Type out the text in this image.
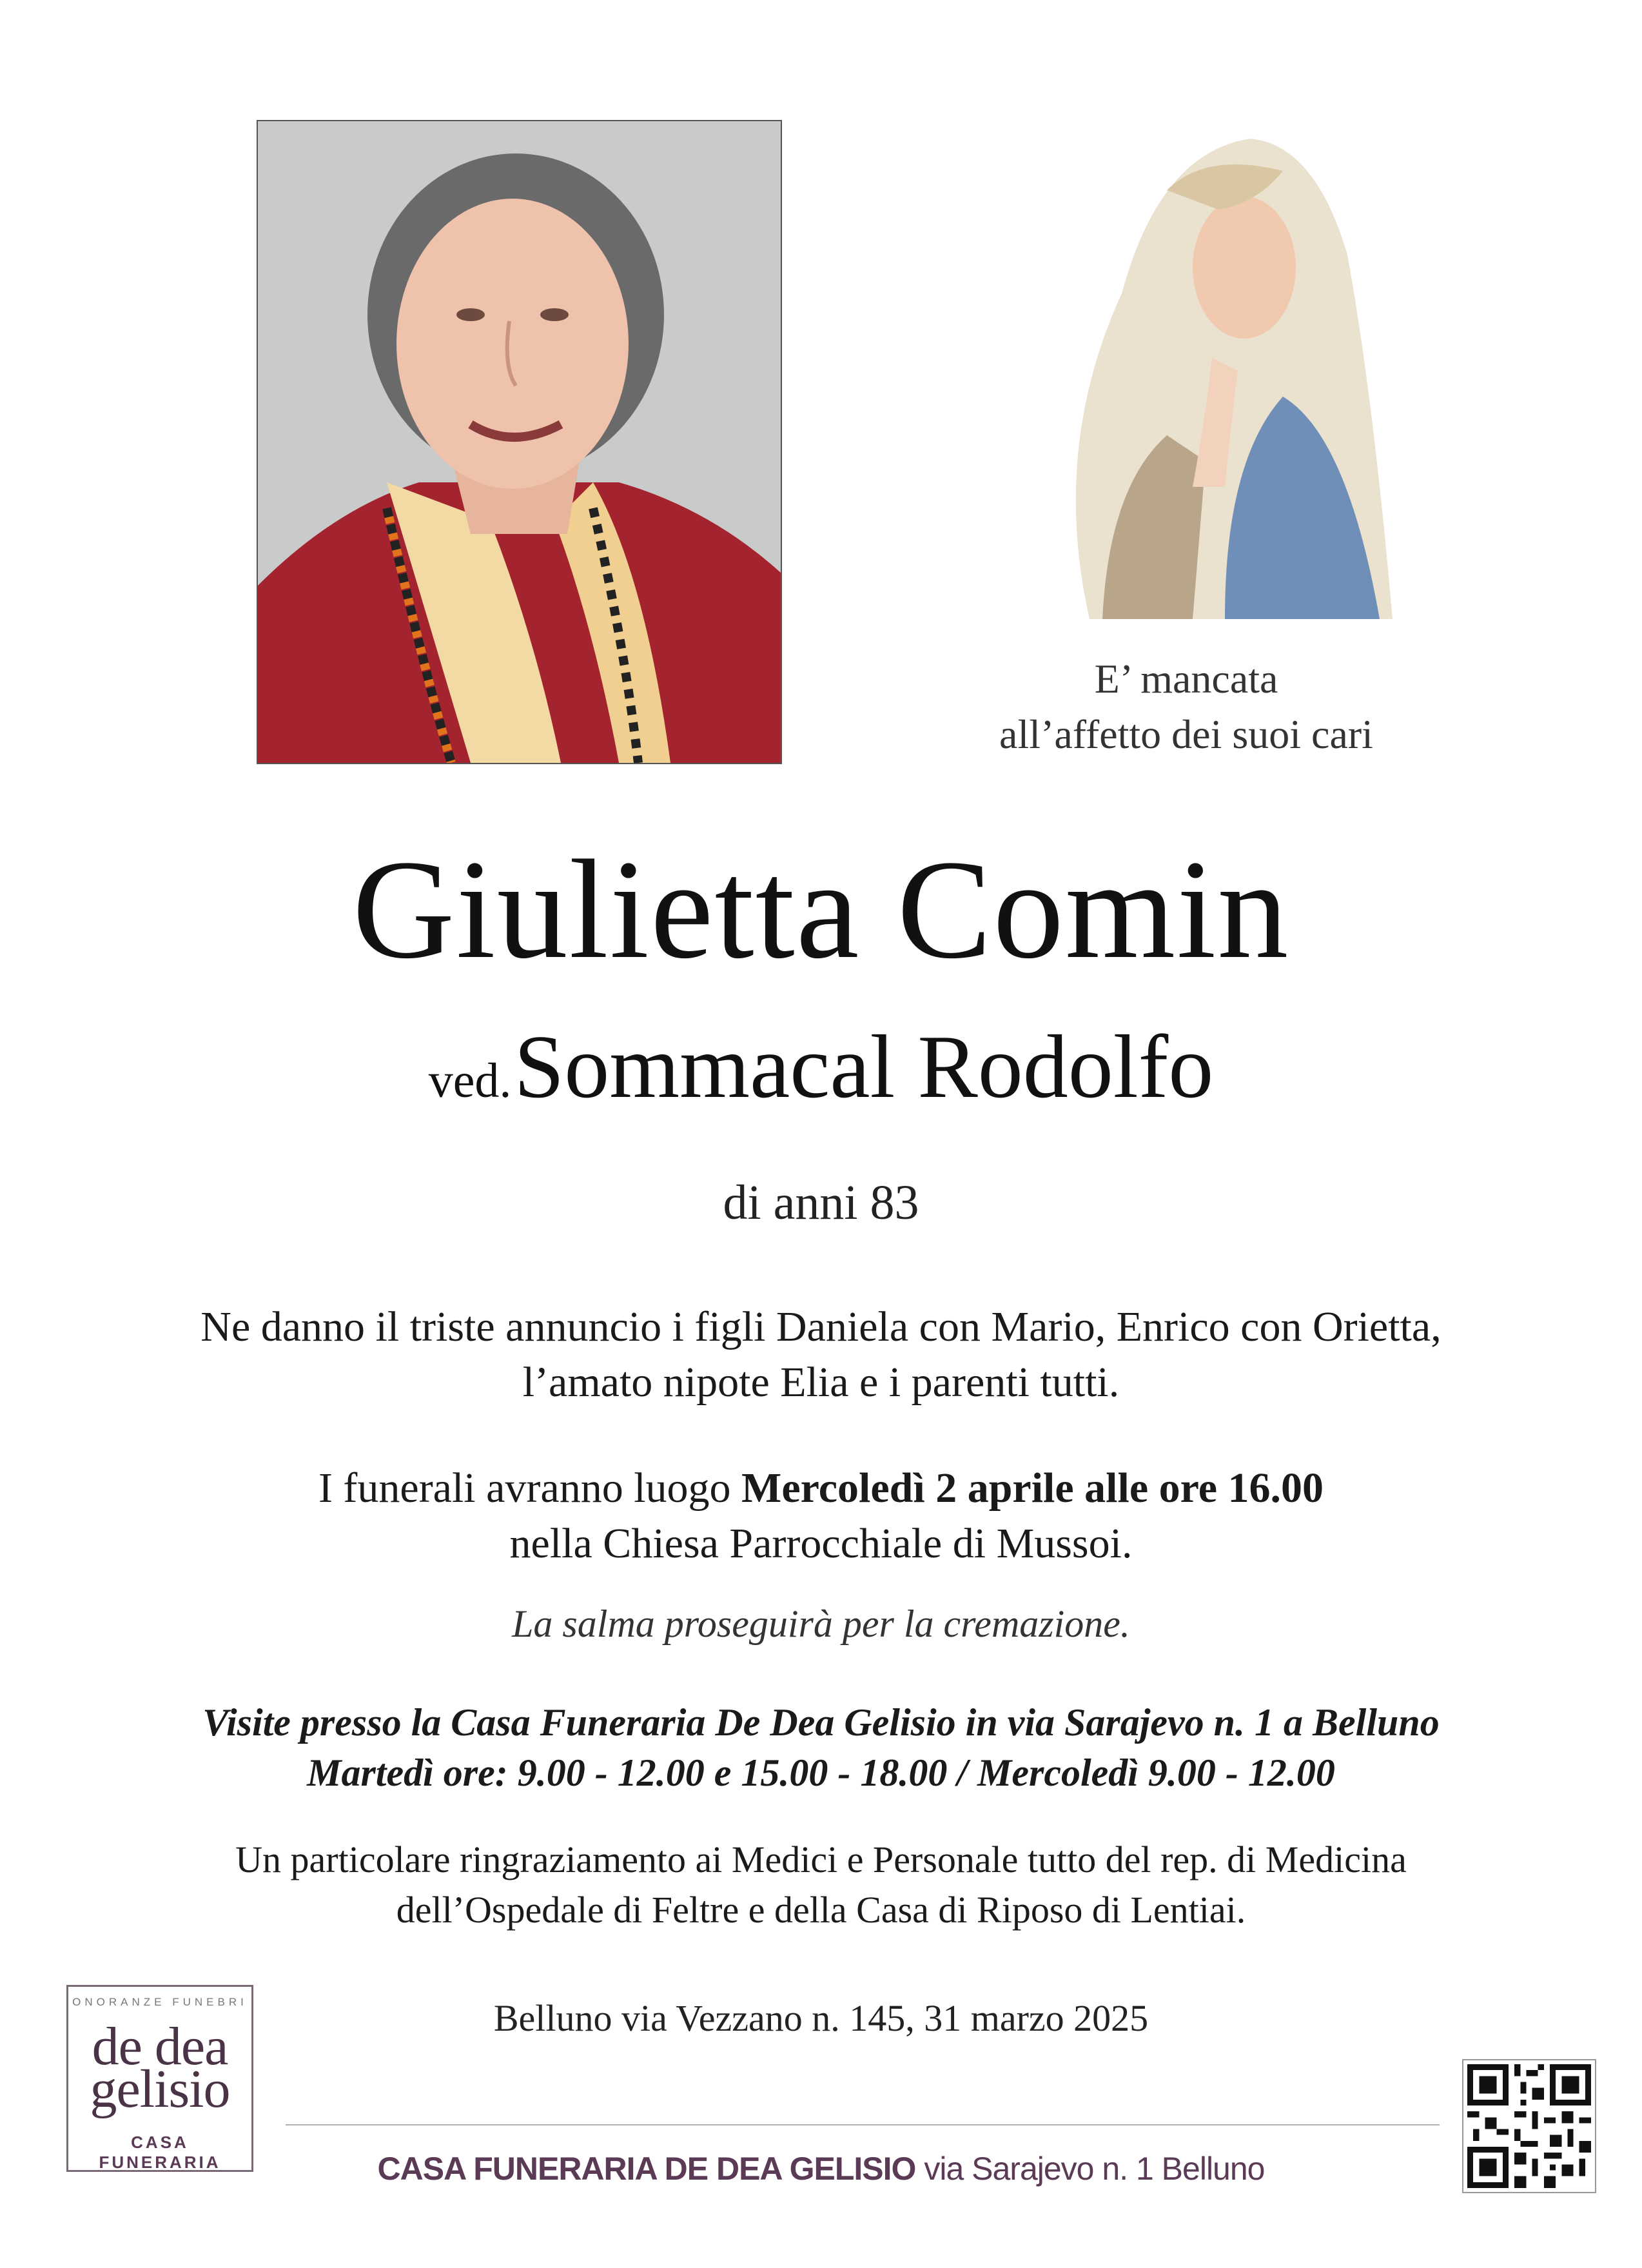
E’ mancata
all’affetto dei suoi cari
Giulietta Comin
ved. Sommacal Rodolfo
di anni 83
Ne danno il triste annuncio i figli Daniela con Mario, Enrico con Orietta,
l’amato nipote Elia e i parenti tutti.
I funerali avranno luogo Mercoledì 2 aprile alle ore 16.00
nella Chiesa Parrocchiale di Mussoi.
La salma proseguirà per la cremazione.
Visite presso la Casa Funeraria De Dea Gelisio in via Sarajevo n. 1 a Belluno
Martedì ore: 9.00 - 12.00 e 15.00 - 18.00 / Mercoledì 9.00 - 12.00
Un particolare ringraziamento ai Medici e Personale tutto del rep. di Medicina
dell’Ospedale di Feltre e della Casa di Riposo di Lentiai.
ONORANZE FUNEBRI
de dea
gelisio
CASA FUNERARIA
Belluno via Vezzano n. 145, 31 marzo 2025
CASA FUNERARIA DE DEA GELISIO via Sarajevo n. 1 Belluno
